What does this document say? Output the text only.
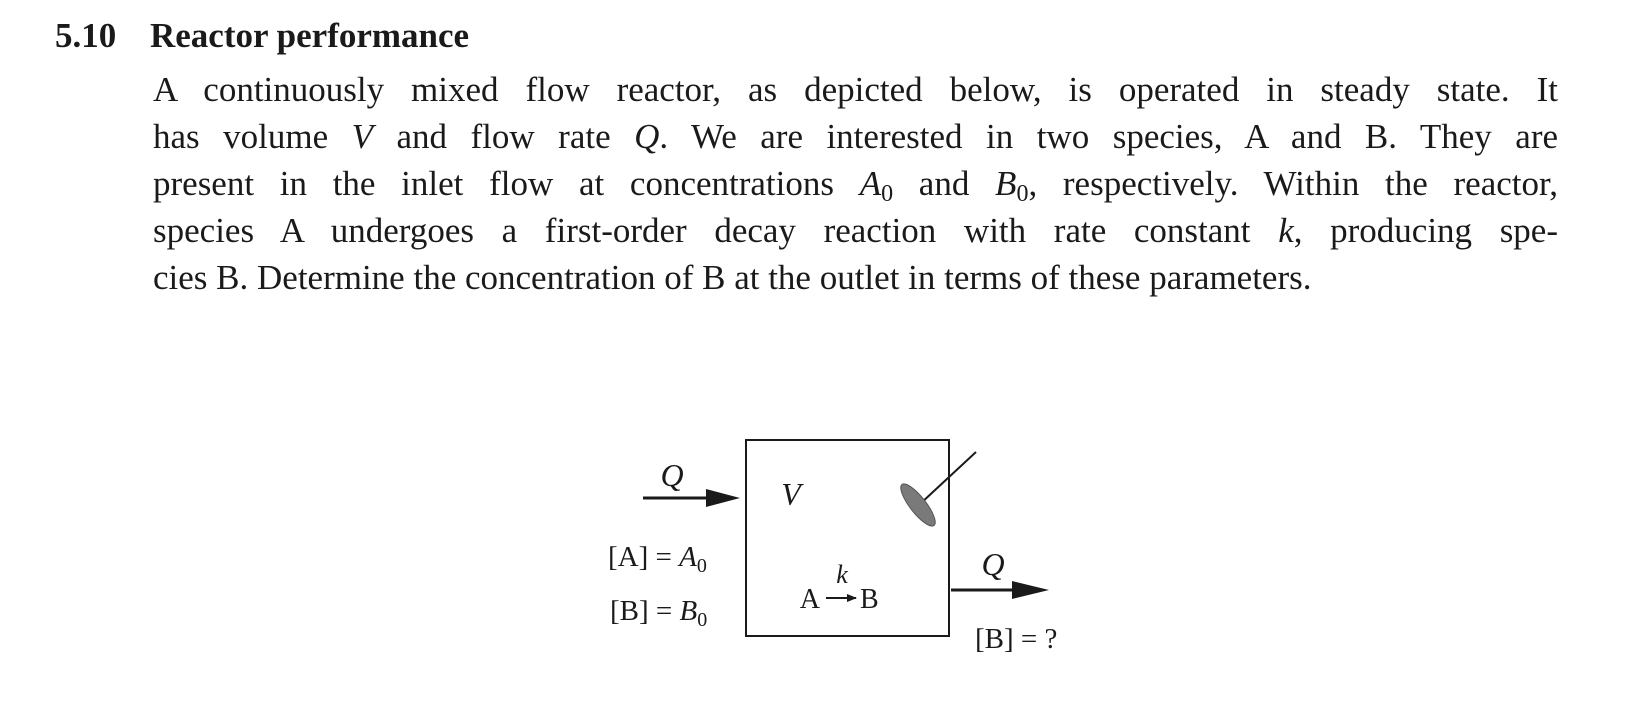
5.10 Reactor performance
A continuously mixed flow reactor, as depicted below, is operated in steady state. It
has volume V and flow rate Q. We are interested in two species, A and B. They are
present in the inlet flow at concentrations $A_0$ and $B_0$, respectively. Within the reactor,
species A undergoes a first-order decay reaction with rate constant k, producing spe-
cies B. Determine the concentration of B at the outlet in terms of these parameters.
Q
V
A
k
B
Q
$[A] = A_0$
$[B] = B_0$
[B] = ?
